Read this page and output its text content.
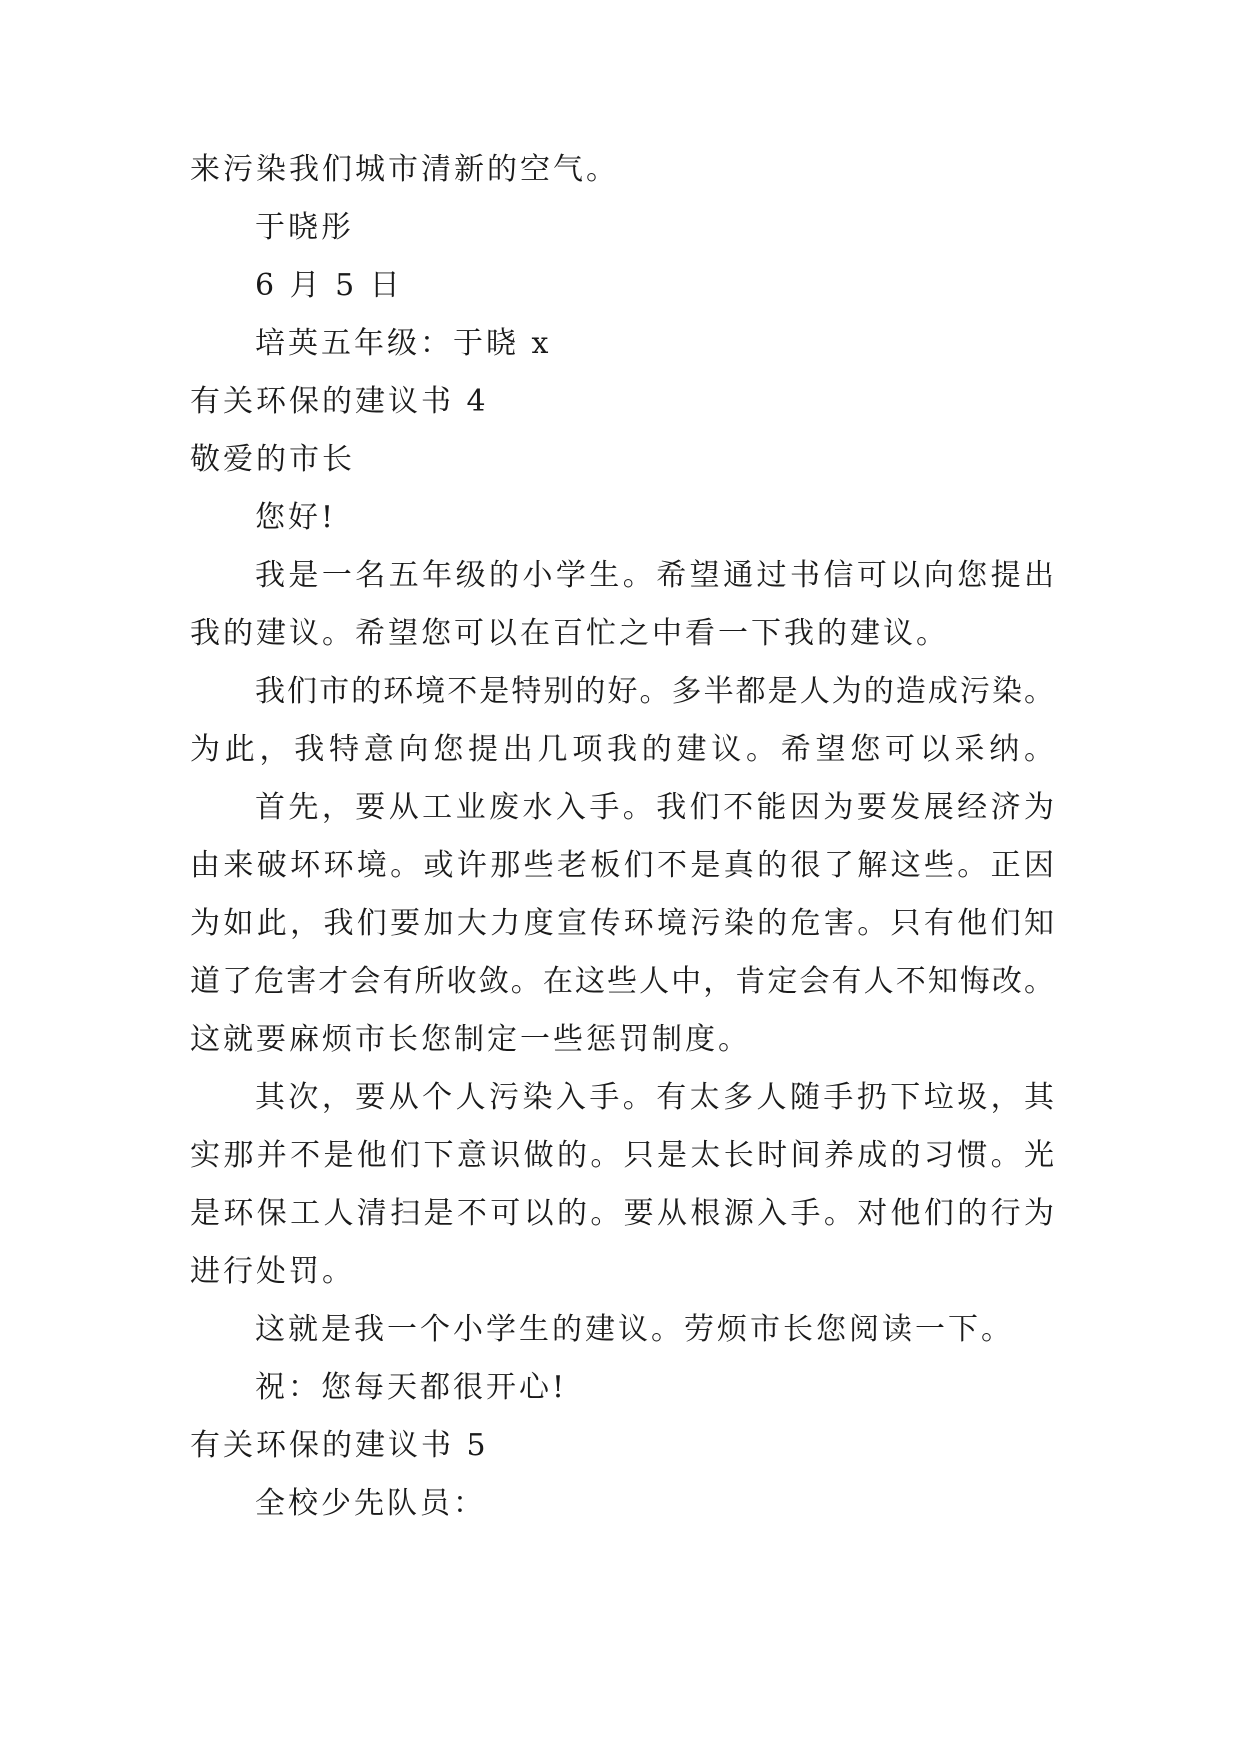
来污染我们城市清新的空气。
于晓彤
6 月 5 日
培英五年级：于晓 x
有关环保的建议书 4
敬爱的市长
您好!
我是一名五年级的小学生。希望通过书信可以向您提出
我的建议。希望您可以在百忙之中看一下我的建议。
我们市的环境不是特别的好。多半都是人为的造成污染。
为此，我特意向您提出几项我的建议。希望您可以采纳。
首先，要从工业废水入手。我们不能因为要发展经济为
由来破坏环境。或许那些老板们不是真的很了解这些。正因
为如此，我们要加大力度宣传环境污染的危害。只有他们知
道了危害才会有所收敛。在这些人中，肯定会有人不知悔改。
这就要麻烦市长您制定一些惩罚制度。
其次，要从个人污染入手。有太多人随手扔下垃圾，其
实那并不是他们下意识做的。只是太长时间养成的习惯。光
是环保工人清扫是不可以的。要从根源入手。对他们的行为
进行处罚。
这就是我一个小学生的建议。劳烦市长您阅读一下。
祝：您每天都很开心!
有关环保的建议书 5
全校少先队员：
